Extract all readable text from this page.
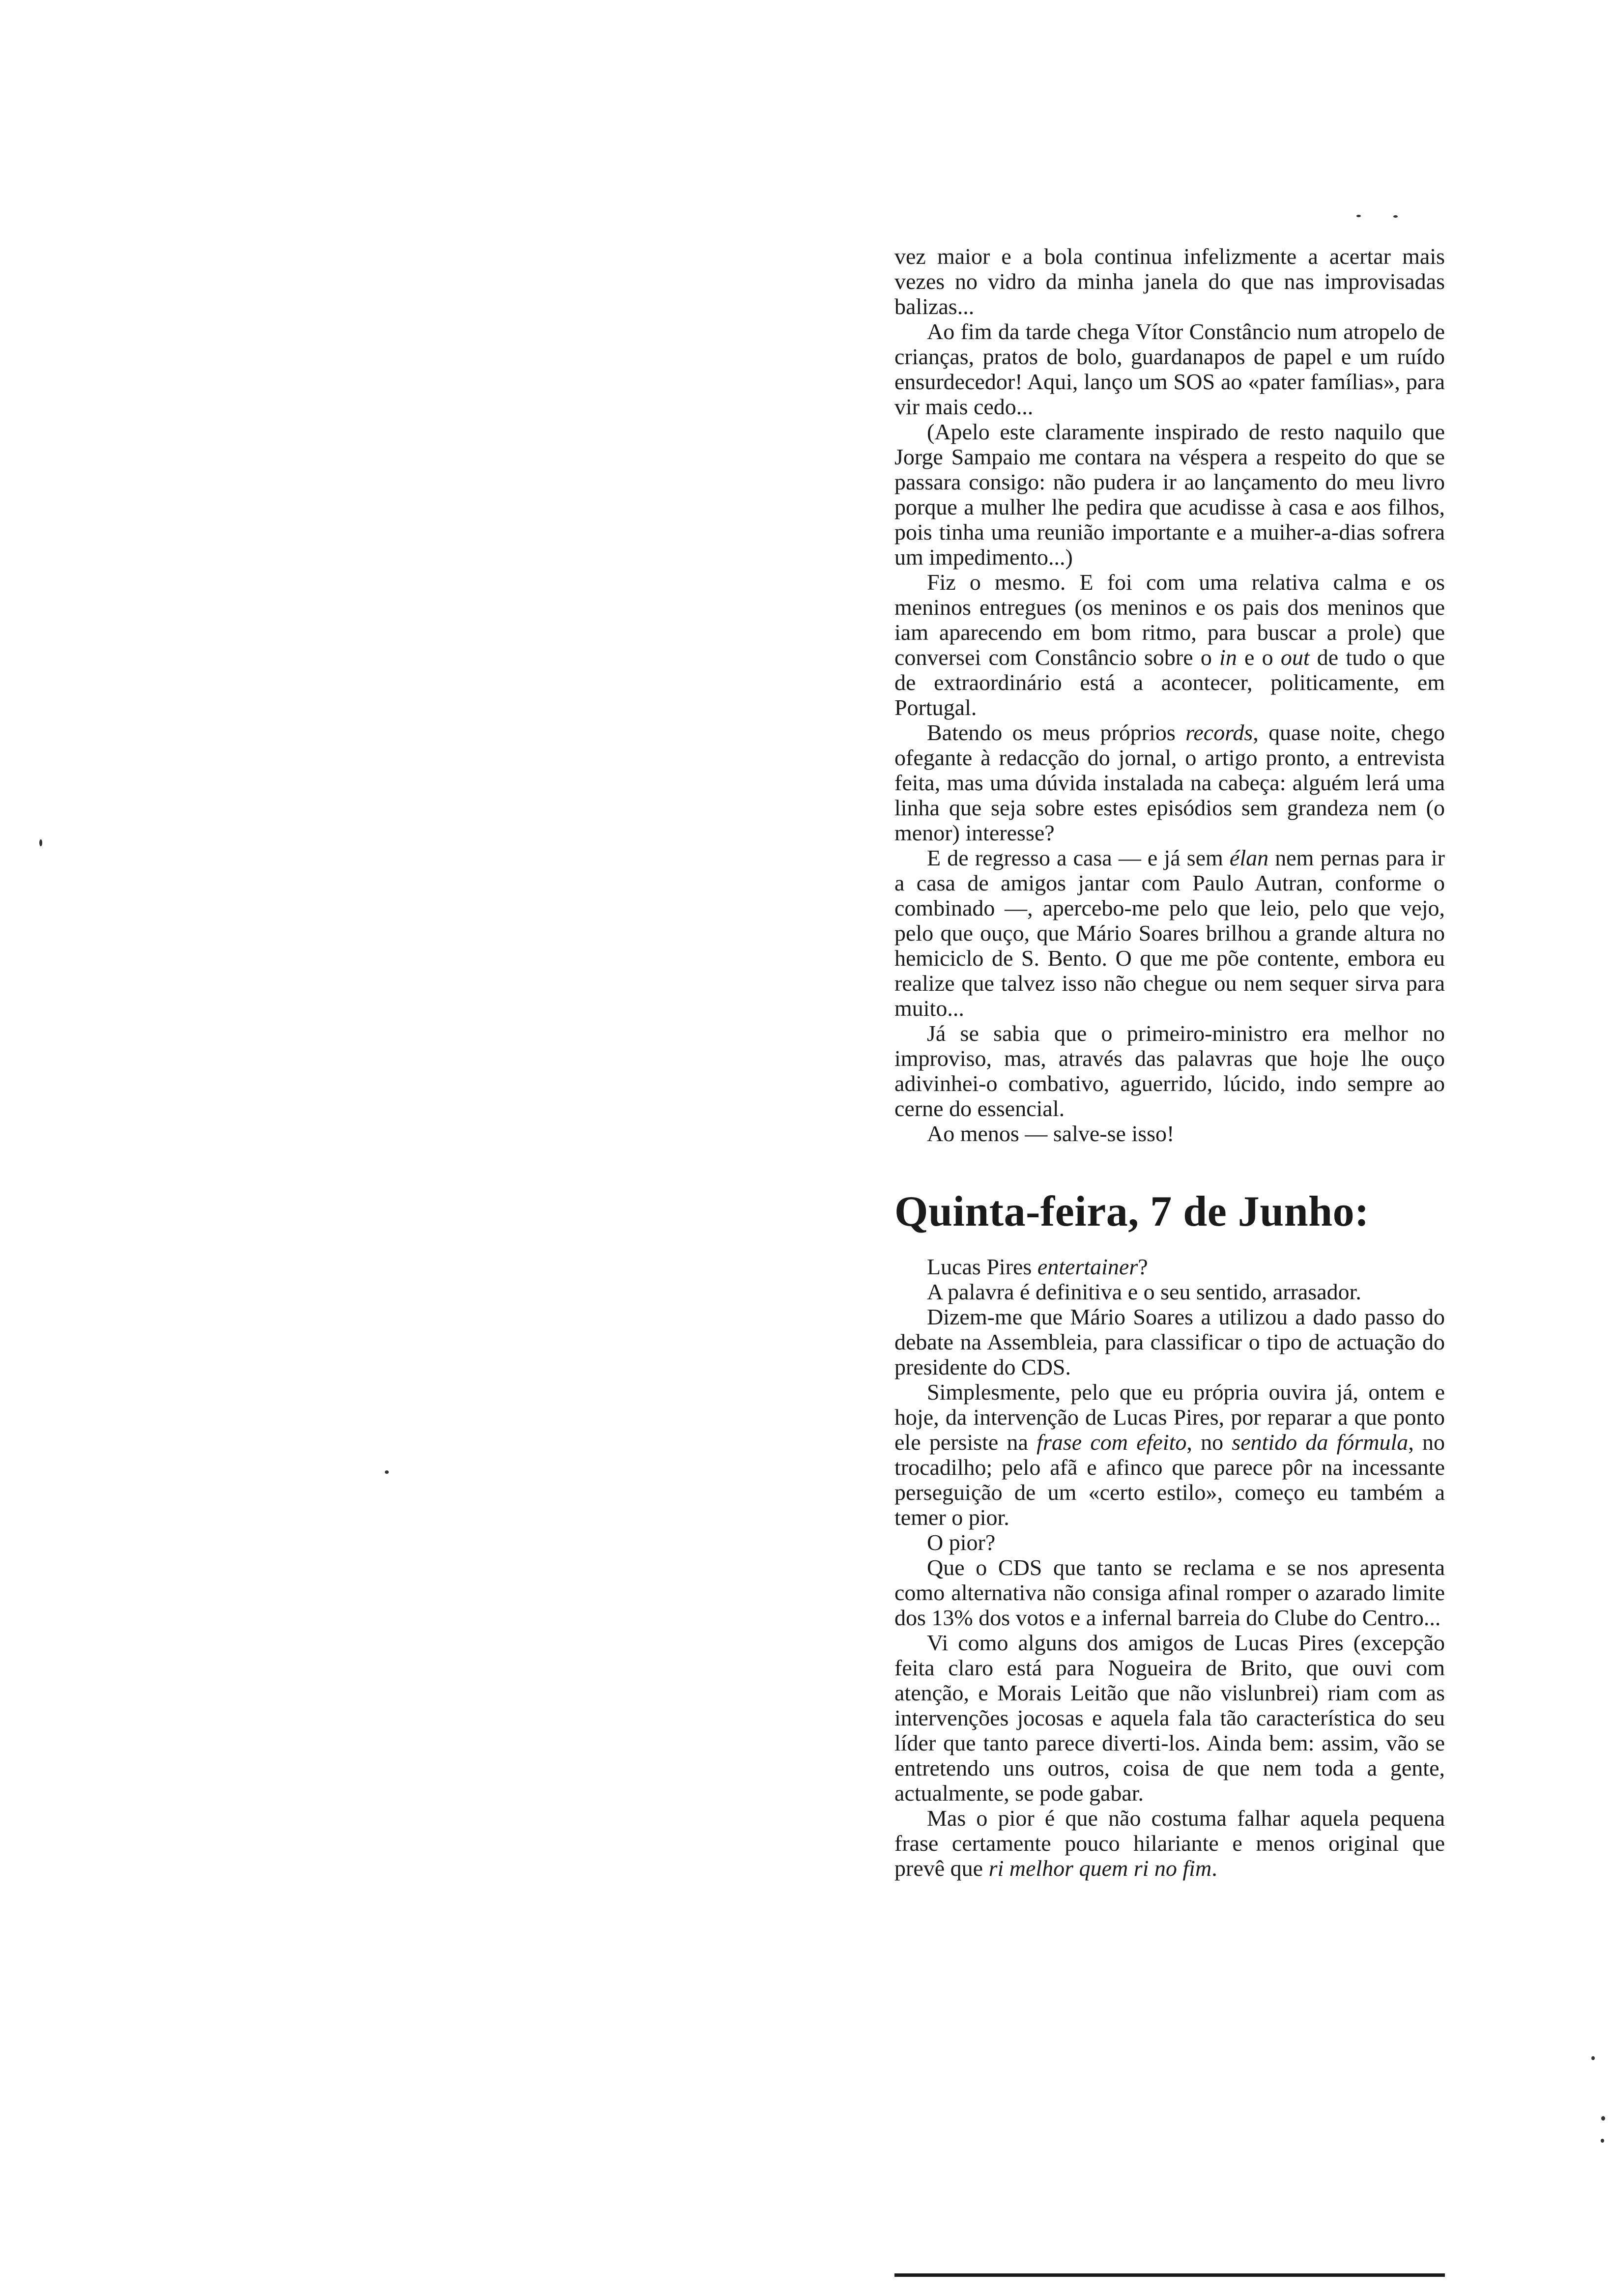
vez maior e a bola continua infelizmente a acertar mais vezes no vidro da minha janela do que nas improvisadas balizas...

Ao fim da tarde chega Vítor Constâncio num atropelo de crianças, pratos de bolo, guardanapos de papel e um ruído ensurdecedor! Aqui, lanço um SOS ao «pater famílias», para vir mais cedo...

(Apelo este claramente inspirado de resto naquilo que Jorge Sampaio me contara na véspera a respeito do que se passara consigo: não pudera ir ao lançamento do meu livro porque a mulher lhe pedira que acudisse à casa e aos filhos, pois tinha uma reunião importante e a muiher-a-dias sofrera um impedimento...)

Fiz o mesmo. E foi com uma relativa calma e os meninos entregues (os meninos e os pais dos meninos que iam aparecendo em bom ritmo, para buscar a prole) que conversei com Constâncio sobre o in e o out de tudo o que de extraordinário está a acontecer, politicamente, em Portugal.

Batendo os meus próprios records, quase noite, chego ofegante à redacção do jornal, o artigo pronto, a entrevista feita, mas uma dúvida instalada na cabeça: alguém lerá uma linha que seja sobre estes episódios sem grandeza nem (o menor) interesse?

E de regresso a casa — e já sem élan nem pernas para ir a casa de amigos jantar com Paulo Autran, conforme o combinado —, apercebo-me pelo que leio, pelo que vejo, pelo que ouço, que Mário Soares brilhou a grande altura no hemiciclo de S. Bento. O que me põe contente, embora eu realize que talvez isso não chegue ou nem sequer sirva para muito...

Já se sabia que o primeiro-ministro era melhor no improviso, mas, através das palavras que hoje lhe ouço adivinhei-o combativo, aguerrido, lúcido, indo sempre ao cerne do essencial.

Ao menos — salve-se isso!

Quinta-feira, 7 de Junho:

Lucas Pires entertainer?

A palavra é definitiva e o seu sentido, arrasador.

Dizem-me que Mário Soares a utilizou a dado passo do debate na Assembleia, para classificar o tipo de actuação do presidente do CDS.

Simplesmente, pelo que eu própria ouvira já, ontem e hoje, da intervenção de Lucas Pires, por reparar a que ponto ele persiste na frase com efeito, no sentido da fórmula, no trocadilho; pelo afã e afinco que parece pôr na incessante perseguição de um «certo estilo», começo eu também a temer o pior.

O pior?

Que o CDS que tanto se reclama e se nos apresenta como alternativa não consiga afinal romper o azarado limite dos 13% dos votos e a infernal barreia do Clube do Centro...

Vi como alguns dos amigos de Lucas Pires (excepção feita claro está para Nogueira de Brito, que ouvi com atenção, e Morais Leitão que não vislunbrei) riam com as intervenções jocosas e aquela fala tão característica do seu líder que tanto parece diverti-los. Ainda bem: assim, vão se entretendo uns outros, coisa de que nem toda a gente, actualmente, se pode gabar.

Mas o pior é que não costuma falhar aquela pequena frase certamente pouco hilariante e menos original que prevê que ri melhor quem ri no fim.
